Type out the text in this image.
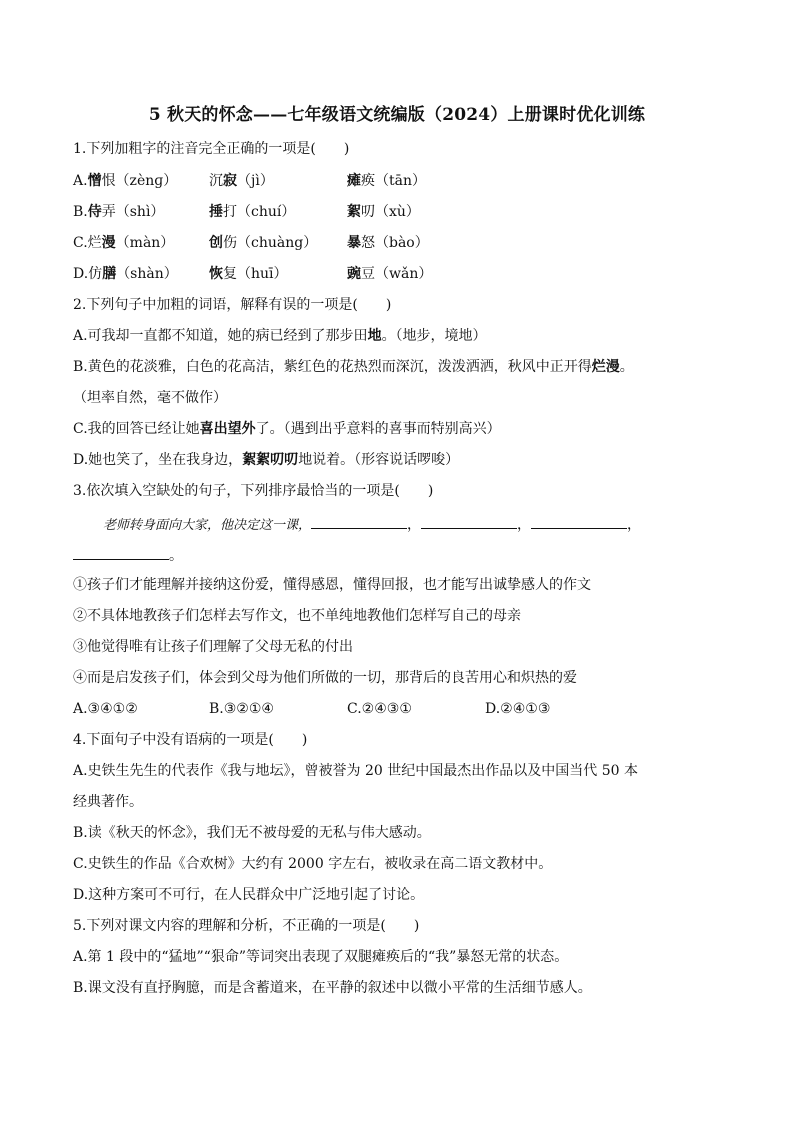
5 秋天的怀念——七年级语文统编版（2024）上册课时优化训练
1.下列加粗字的注音完全正确的一项是(　　)
A.憎恨（zènɡ） 沉寂（jì）	瘫痪（tān）
B.侍弄（shì）	捶打（chuí）	絮叨（xù）
C.烂漫（màn） 创伤（chuàng） 暴怒（bào）
D.仿膳（shàn） 恢复（huī）	豌豆（wǎn）
2.下列句子中加粗的词语，解释有误的一项是(　　)
A.可我却一直都不知道，她的病已经到了那步田地。（地步，境地）
B.黄色的花淡雅，白色的花高洁，紫红色的花热烈而深沉，泼泼洒洒，秋风中正开得烂漫。
（坦率自然，毫不做作）
C.我的回答已经让她喜出望外了。（遇到出乎意料的喜事而特别高兴）
D.她也笑了，坐在我身边，絮絮叨叨地说着。（形容说话啰唆）
3.依次填入空缺处的句子，下列排序最恰当的一项是(　　)
老师转身面向大家，他决定这一课，	，	，	，
。
①孩子们才能理解并接纳这份爱，懂得感恩，懂得回报，也才能写出诚挚感人的作文
②不具体地教孩子们怎样去写作文，也不单纯地教他们怎样写自己的母亲
③他觉得唯有让孩子们理解了父母无私的付出
④而是启发孩子们，体会到父母为他们所做的一切，那背后的良苦用心和炽热的爱
A.③④①②	B.③②①④	C.②④③①	D.②④①③
4.下面句子中没有语病的一项是(　　)
A.史铁生先生的代表作《我与地坛》，曾被誉为 20 世纪中国最杰出作品以及中国当代 50 本
经典著作。
B.读《秋天的怀念》，我们无不被母爱的无私与伟大感动。
C.史铁生的作品《合欢树》大约有 2000 字左右，被收录在高二语文教材中。
D.这种方案可不可行，在人民群众中广泛地引起了讨论。
5.下列对课文内容的理解和分析，不正确的一项是(　　)
A.第 1 段中的“猛地”“狠命”等词突出表现了双腿瘫痪后的“我”暴怒无常的状态。
B.课文没有直抒胸臆，而是含蓄道来，在平静的叙述中以微小平常的生活细节感人。
